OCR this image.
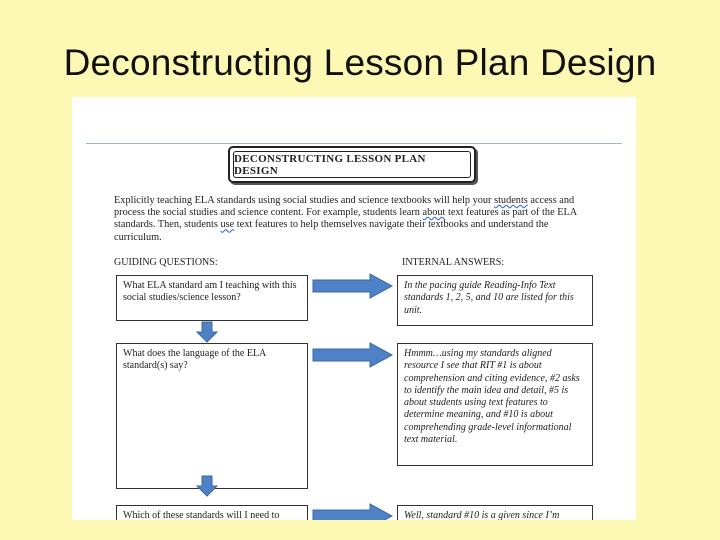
Deconstructing Lesson Plan Design
DECONSTRUCTING LESSON PLAN DESIGN
Explicitly teaching ELA standards using social studies and science textbooks will help your students access and process the social studies and science content. For example, students learn about text features as part of the ELA standards. Then, students use text features to help themselves navigate their textbooks and understand the curriculum.
GUIDING QUESTIONS:	INTERNAL ANSWERS:
What ELA standard am I teaching with this social studies/science lesson?
In the pacing guide Reading-Info Text standards 1, 2, 5, and 10 are listed for this unit.
What does the language of the ELA standard(s) say?
Hmmm…using my standards aligned resource I see that RIT #1 is about comprehension and citing evidence, #2 asks to identify the main idea and detail, #5 is about students using text features to determine meaning, and #10 is about comprehending grade-level informational text material.
Which of these standards will I need to	Well, standard #10 is a given since I’m
